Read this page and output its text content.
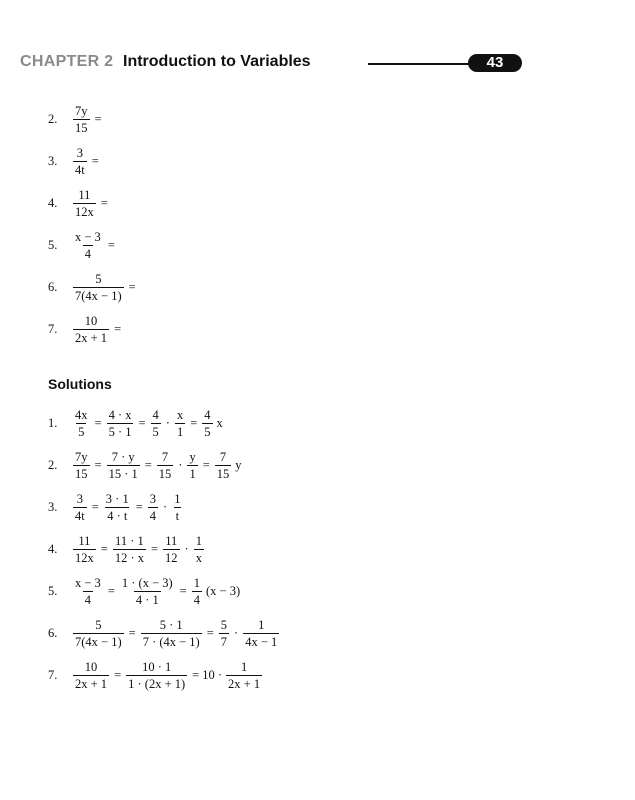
CHAPTER 2 Introduction to Variables	43
2.	$\frac{7y}{15}$ =
3.	$\frac{3}{4t}$ =
4.	$\frac{11}{12x}$ =
5.	$\frac{x - 3}{4}$ =
6.	$\frac{5}{7(4x - 1)}$ =
7.	$\frac{10}{2x + 1}$ =
Solutions
1.	$\frac{4x}{5} = \frac{4 \cdot x}{5 \cdot 1} = \frac{4}{5} \cdot \frac{x}{1} = \frac{4}{5}$ x
2.	$\frac{7y}{15} = \frac{7 \cdot y}{15 \cdot 1} = \frac{7}{15} \cdot \frac{y}{1} = \frac{7}{15}$ y
3.	$\frac{3}{4t} = \frac{3 \cdot 1}{4 \cdot t} = \frac{3}{4} \cdot \frac{1}{t}$
4.	$\frac{11}{12x} = \frac{11 \cdot 1}{12 \cdot x} = \frac{11}{12} \cdot \frac{1}{x}$
5.	$\frac{x - 3}{4} = \frac{1 \cdot (x - 3)}{4 \cdot 1} = \frac{1}{4} (x - 3)$
6.	$\frac{5}{7(4x - 1)} = \frac{5 \cdot 1}{7 \cdot (4x - 1)} = \frac{5}{7} \cdot \frac{1}{4x - 1}$
7.	$\frac{10}{2x + 1} = \frac{10 \cdot 1}{1 \cdot (2x + 1)} = 10 \cdot \frac{1}{2x + 1}$
